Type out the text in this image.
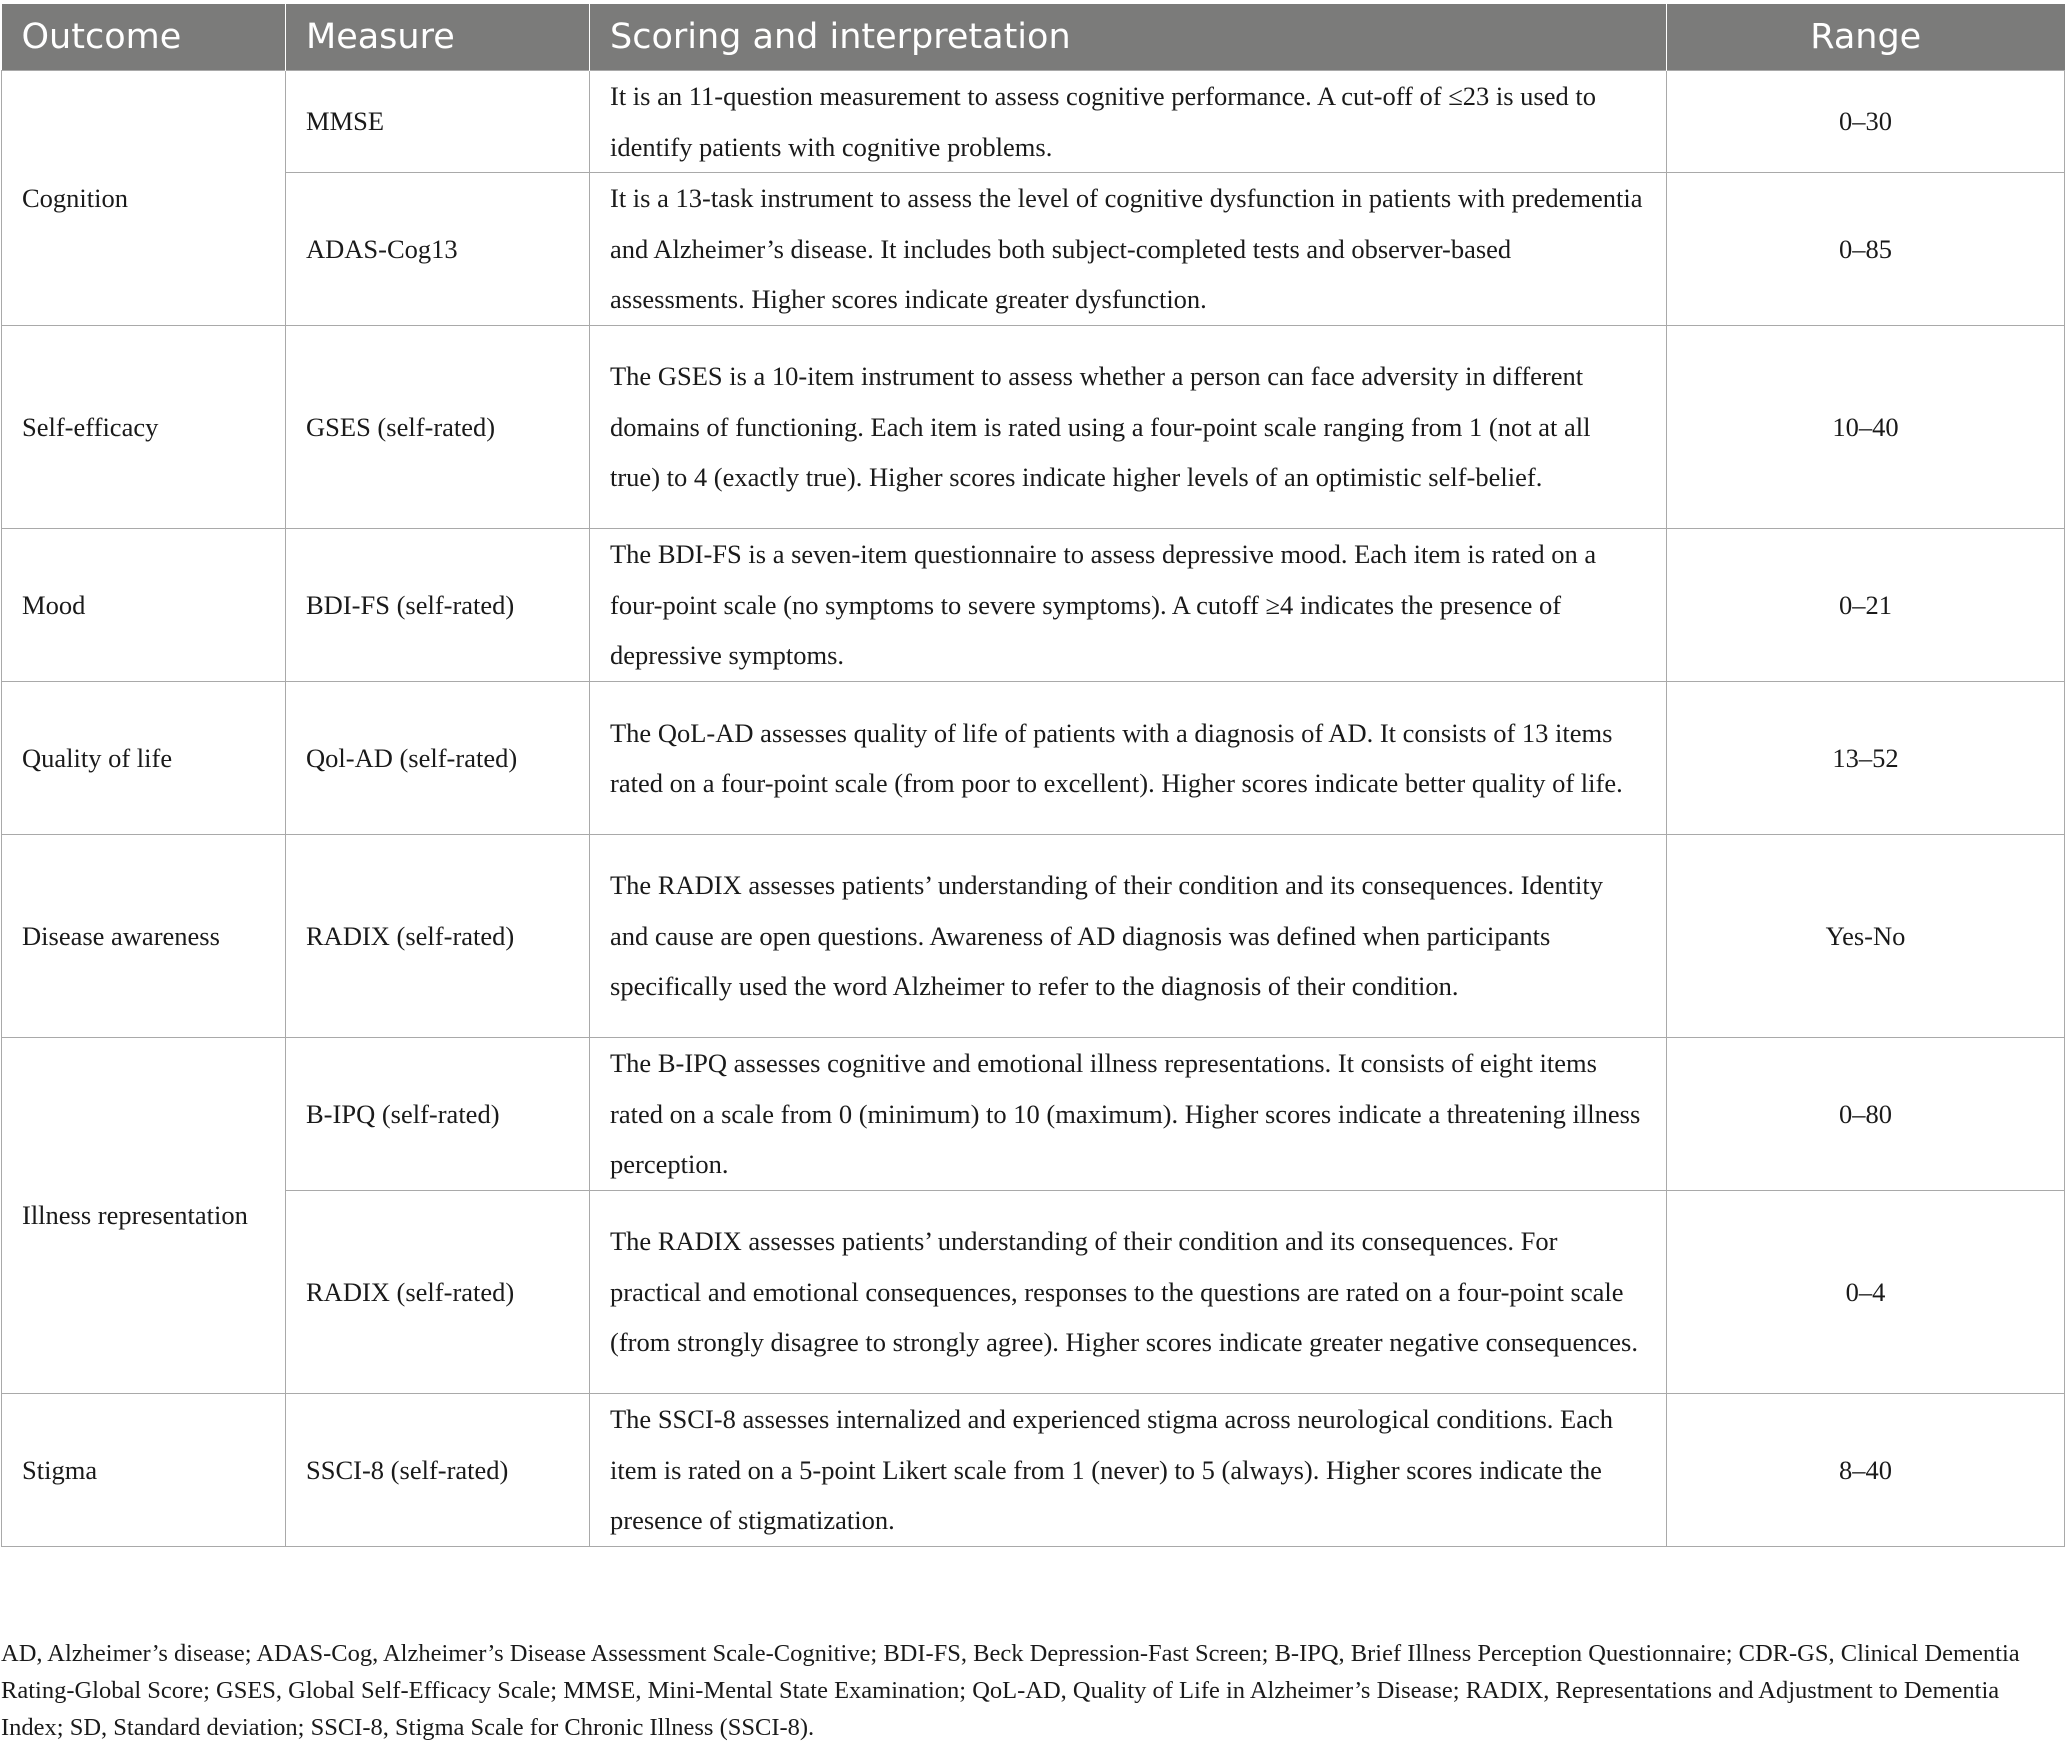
Outcome	Measure	Scoring and interpretation	Range
Cognition	MMSE	It is an 11-question measurement to assess cognitive performance. A cut-off of ≤23 is used to identify patients with cognitive problems.	0–30
	ADAS-Cog13	It is a 13-task instrument to assess the level of cognitive dysfunction in patients with predementia and Alzheimer’s disease. It includes both subject-completed tests and observer-based assessments. Higher scores indicate greater dysfunction.	0–85
Self-efficacy	GSES (self-rated)	The GSES is a 10-item instrument to assess whether a person can face adversity in different domains of functioning. Each item is rated using a four-point scale ranging from 1 (not at all true) to 4 (exactly true). Higher scores indicate higher levels of an optimistic self-belief.	10–40
Mood	BDI-FS (self-rated)	The BDI-FS is a seven-item questionnaire to assess depressive mood. Each item is rated on a four-point scale (no symptoms to severe symptoms). A cutoff ≥4 indicates the presence of depressive symptoms.	0–21
Quality of life	Qol-AD (self-rated)	The QoL-AD assesses quality of life of patients with a diagnosis of AD. It consists of 13 items rated on a four-point scale (from poor to excellent). Higher scores indicate better quality of life.	13–52
Disease awareness	RADIX (self-rated)	The RADIX assesses patients’ understanding of their condition and its consequences. Identity and cause are open questions. Awareness of AD diagnosis was defined when participants specifically used the word Alzheimer to refer to the diagnosis of their condition.	Yes-No
Illness representation	B-IPQ (self-rated)	The B-IPQ assesses cognitive and emotional illness representations. It consists of eight items rated on a scale from 0 (minimum) to 10 (maximum). Higher scores indicate a threatening illness perception.	0–80
	RADIX (self-rated)	The RADIX assesses patients’ understanding of their condition and its consequences. For practical and emotional consequences, responses to the questions are rated on a four-point scale (from strongly disagree to strongly agree). Higher scores indicate greater negative consequences.	0–4
Stigma	SSCI-8 (self-rated)	The SSCI-8 assesses internalized and experienced stigma across neurological conditions. Each item is rated on a 5-point Likert scale from 1 (never) to 5 (always). Higher scores indicate the presence of stigmatization.	8–40
AD, Alzheimer’s disease; ADAS-Cog, Alzheimer’s Disease Assessment Scale-Cognitive; BDI-FS, Beck Depression-Fast Screen; B-IPQ, Brief Illness Perception Questionnaire; CDR-GS, Clinical Dementia Rating-Global Score; GSES, Global Self-Efficacy Scale; MMSE, Mini-Mental State Examination; QoL-AD, Quality of Life in Alzheimer’s Disease; RADIX, Representations and Adjustment to Dementia Index; SD, Standard deviation; SSCI-8, Stigma Scale for Chronic Illness (SSCI-8).
